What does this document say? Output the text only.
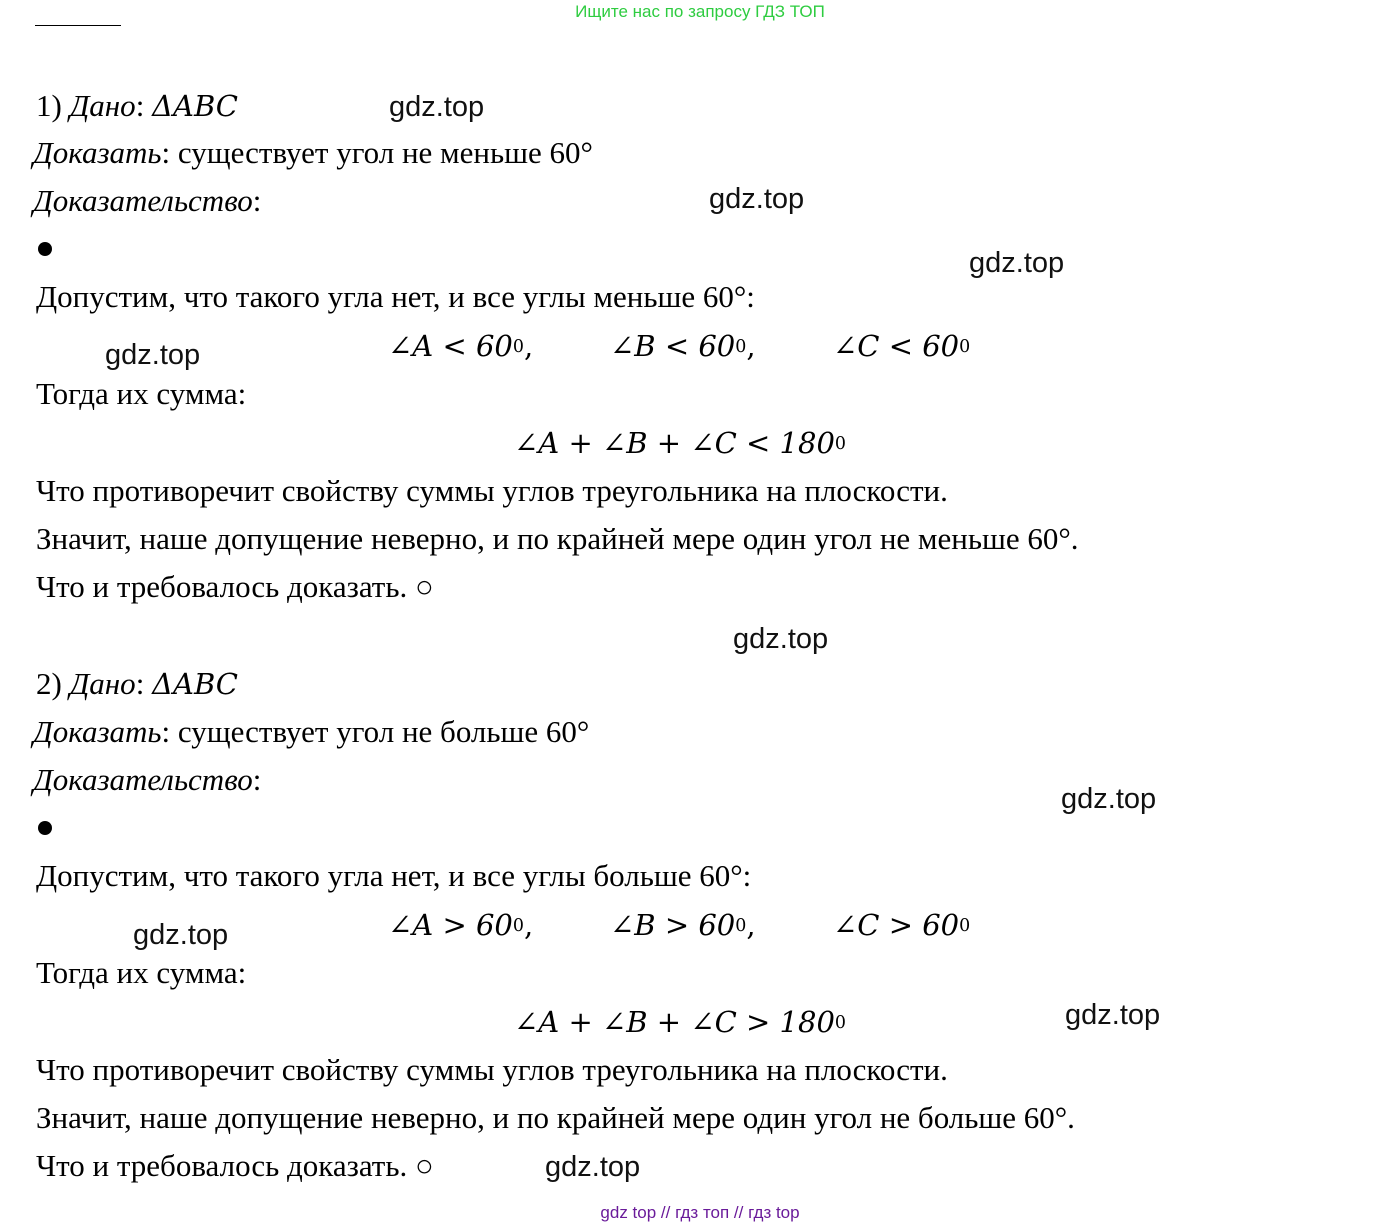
Ищите нас по запросу ГДЗ ТОП
1) Дано: ΔABC
Доказать: существует угол не меньше 60°
Доказательство:
Допустим, что такого угла нет, и все углы меньше 60°:
∠A < $60^0$,	∠B < $60^0$,	∠C < $60^0$
Тогда их сумма:
∠A + ∠B + ∠C < $180^0$
Что противоречит свойству суммы углов треугольника на плоскости.
Значит, наше допущение неверно, и по крайней мере один угол не меньше 60°.
Что и требовалось доказать. ○
2) Дано: ΔABC
Доказать: существует угол не больше 60°
Доказательство:
Допустим, что такого угла нет, и все углы больше 60°:
∠A > $60^0$,	∠B > $60^0$,	∠C > $60^0$
Тогда их сумма:
∠A + ∠B + ∠C > $180^0$
Что противоречит свойству суммы углов треугольника на плоскости.
Значит, наше допущение неверно, и по крайней мере один угол не больше 60°.
Что и требовалось доказать. ○
gdz.top
gdz.top
gdz.top
gdz.top
gdz.top
gdz.top
gdz.top
gdz.top
gdz.top
gdz top // гдз топ // гдз top
